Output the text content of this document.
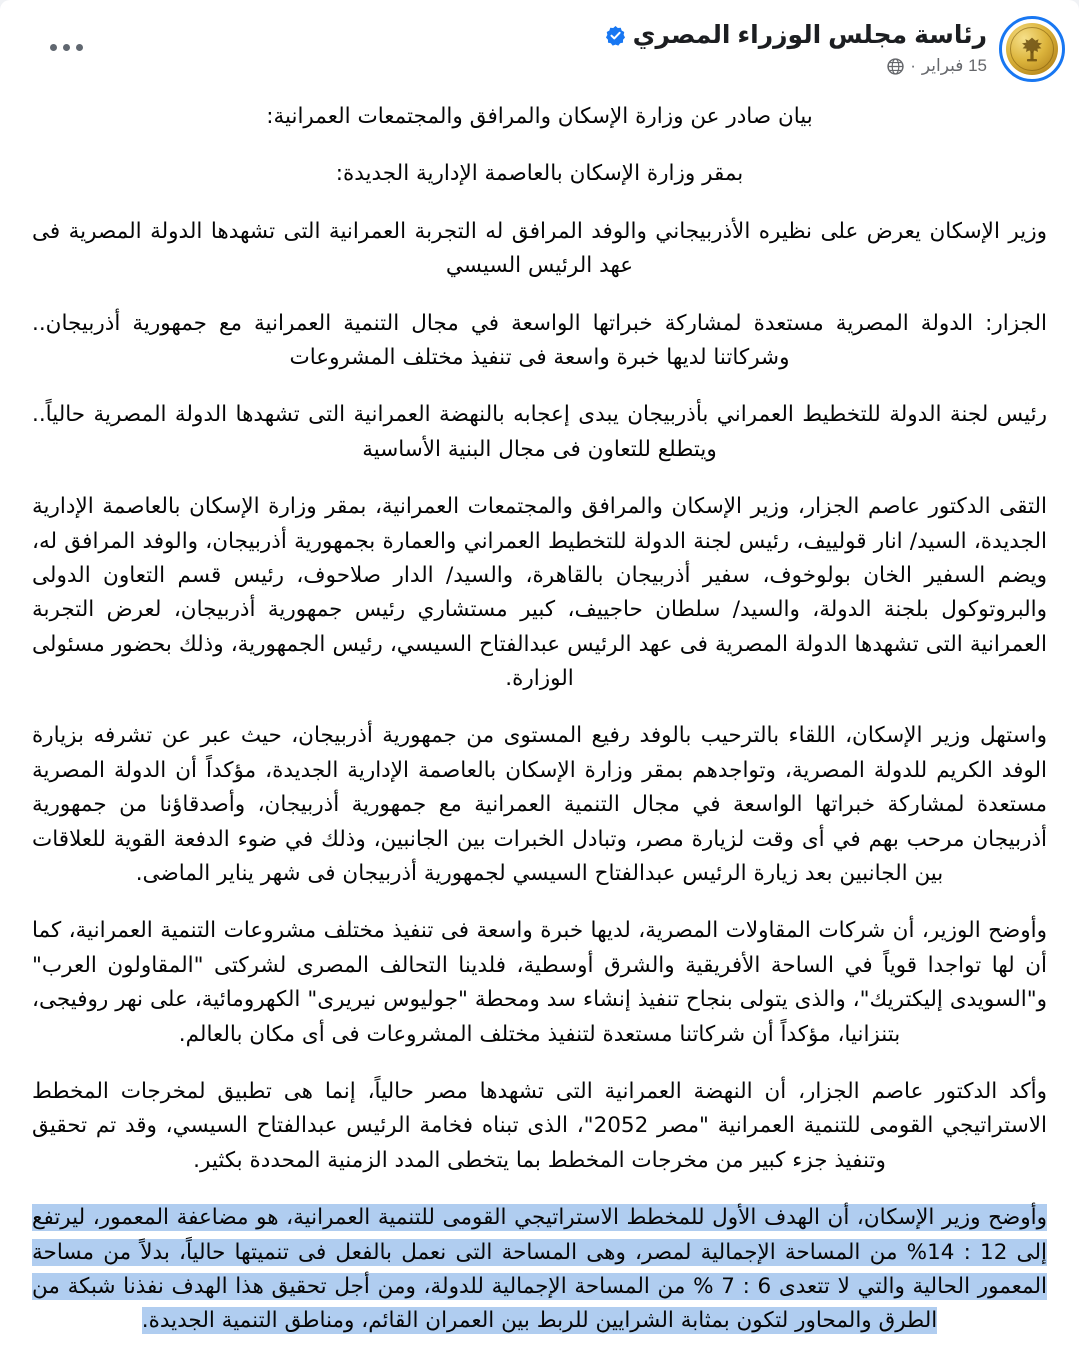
رئاسة مجلس الوزراء المصري
15 فبراير
·

بيان صادر عن وزارة الإسكان والمرافق والمجتمعات العمرانية:

بمقر وزارة الإسكان بالعاصمة الإدارية الجديدة:

وزير الإسكان يعرض على نظيره الأذربيجاني والوفد المرافق له التجربة العمرانية التى تشهدها الدولة المصرية فى عهد الرئيس السيسي

الجزار: الدولة المصرية مستعدة لمشاركة خبراتها الواسعة في مجال التنمية العمرانية مع جمهورية أذربيجان.. وشركاتنا لديها خبرة واسعة فى تنفيذ مختلف المشروعات

رئيس لجنة الدولة للتخطيط العمراني بأذربيجان يبدى إعجابه بالنهضة العمرانية التى تشهدها الدولة المصرية حالياً.. ويتطلع للتعاون فى مجال البنية الأساسية

التقى الدكتور عاصم الجزار، وزير الإسكان والمرافق والمجتمعات العمرانية، بمقر وزارة الإسكان بالعاصمة الإدارية الجديدة، السيد/ انار قولييف، رئيس لجنة الدولة للتخطيط العمراني والعمارة بجمهورية أذربيجان، والوفد المرافق له، ويضم السفير الخان بولوخوف، سفير أذربيجان بالقاهرة، والسيد/ الدار صلاحوف، رئيس قسم التعاون الدولى والبروتوكول بلجنة الدولة، والسيد/ سلطان حاجييف، كبير مستشاري رئيس جمهورية أذربيجان، لعرض التجربة العمرانية التى تشهدها الدولة المصرية فى عهد الرئيس عبدالفتاح السيسي، رئيس الجمهورية، وذلك بحضور مسئولى الوزارة.

واستهل وزير الإسكان، اللقاء بالترحيب بالوفد رفيع المستوى من جمهورية أذربيجان، حيث عبر عن تشرفه بزيارة الوفد الكريم للدولة المصرية، وتواجدهم بمقر وزارة الإسكان بالعاصمة الإدارية الجديدة، مؤكداً أن الدولة المصرية مستعدة لمشاركة خبراتها الواسعة في مجال التنمية العمرانية مع جمهورية أذربيجان، وأصدقاؤنا من جمهورية أذربيجان مرحب بهم في أى وقت لزيارة مصر، وتبادل الخبرات بين الجانبين، وذلك في ضوء الدفعة القوية للعلاقات بين الجانبين بعد زيارة الرئيس عبدالفتاح السيسي لجمهورية أذربيجان فى شهر يناير الماضى.

وأوضح الوزير، أن شركات المقاولات المصرية، لديها خبرة واسعة فى تنفيذ مختلف مشروعات التنمية العمرانية، كما أن لها تواجدا قوياً في الساحة الأفريقية والشرق أوسطية، فلدينا التحالف المصرى لشركتى "المقاولون العرب" و"السويدى إليكتريك"، والذى يتولى بنجاح تنفيذ إنشاء سد ومحطة "جوليوس نيريرى" الكهرومائية، على نهر روفيجى، بتنزانيا، مؤكداً أن شركاتنا مستعدة لتنفيذ مختلف المشروعات فى أى مكان بالعالم.

وأكد الدكتور عاصم الجزار، أن النهضة العمرانية التى تشهدها مصر حالياً، إنما هى تطبيق لمخرجات المخطط الاستراتيجي القومى للتنمية العمرانية "مصر 2052"، الذى تبناه فخامة الرئيس عبدالفتاح السيسي، وقد تم تحقيق وتنفيذ جزء كبير من مخرجات المخطط بما يتخطى المدد الزمنية المحددة بكثير.

وأوضح وزير الإسكان، أن الهدف الأول للمخطط الاستراتيجي القومى للتنمية العمرانية، هو مضاعفة المعمور، ليرتفع إلى 12 : 14% من المساحة الإجمالية لمصر، وهى المساحة التى نعمل بالفعل فى تنميتها حالياً، بدلاً من مساحة المعمور الحالية والتي لا تتعدى 6 : 7 % من المساحة الإجمالية للدولة، ومن أجل تحقيق هذا الهدف نفذنا شبكة من الطرق والمحاور لتكون بمثابة الشرايين للربط بين العمران القائم، ومناطق التنمية الجديدة.
